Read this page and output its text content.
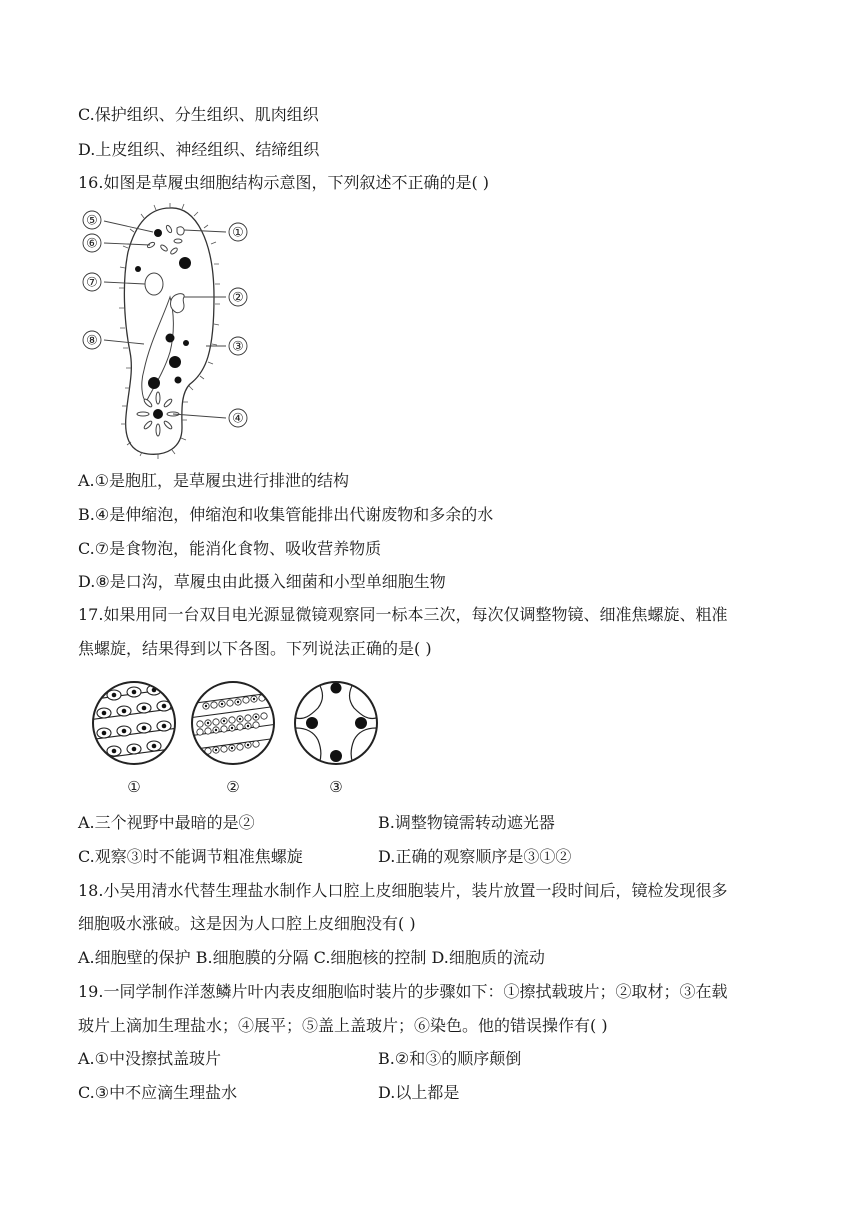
C.保护组织、分生组织、肌肉组织
D.上皮组织、神经组织、结缔组织
16.如图是草履虫细胞结构示意图，下列叙述不正确的是( )
⑤
⑥
⑦
⑧
①
②
③
④
A.①是胞肛，是草履虫进行排泄的结构
B.④是伸缩泡，伸缩泡和收集管能排出代谢废物和多余的水
C.⑦是食物泡，能消化食物、吸收营养物质
D.⑧是口沟，草履虫由此摄入细菌和小型单细胞生物
17.如果用同一台双目电光源显微镜观察同一标本三次，每次仅调整物镜、细准焦螺旋、粗准
焦螺旋，结果得到以下各图。下列说法正确的是( )
①	②	③
A.三个视野中最暗的是②	B.调整物镜需转动遮光器
C.观察③时不能调节粗准焦螺旋	D.正确的观察顺序是③①②
18.小吴用清水代替生理盐水制作人口腔上皮细胞装片，装片放置一段时间后，镜检发现很多
细胞吸水涨破。这是因为人口腔上皮细胞没有( )
A.细胞壁的保护 B.细胞膜的分隔 C.细胞核的控制 D.细胞质的流动
19.一同学制作洋葱鳞片叶内表皮细胞临时装片的步骤如下：①擦拭载玻片；②取材；③在载
玻片上滴加生理盐水；④展平；⑤盖上盖玻片；⑥染色。他的错误操作有( )
A.①中没擦拭盖玻片	B.②和③的顺序颠倒
C.③中不应滴生理盐水	D.以上都是
